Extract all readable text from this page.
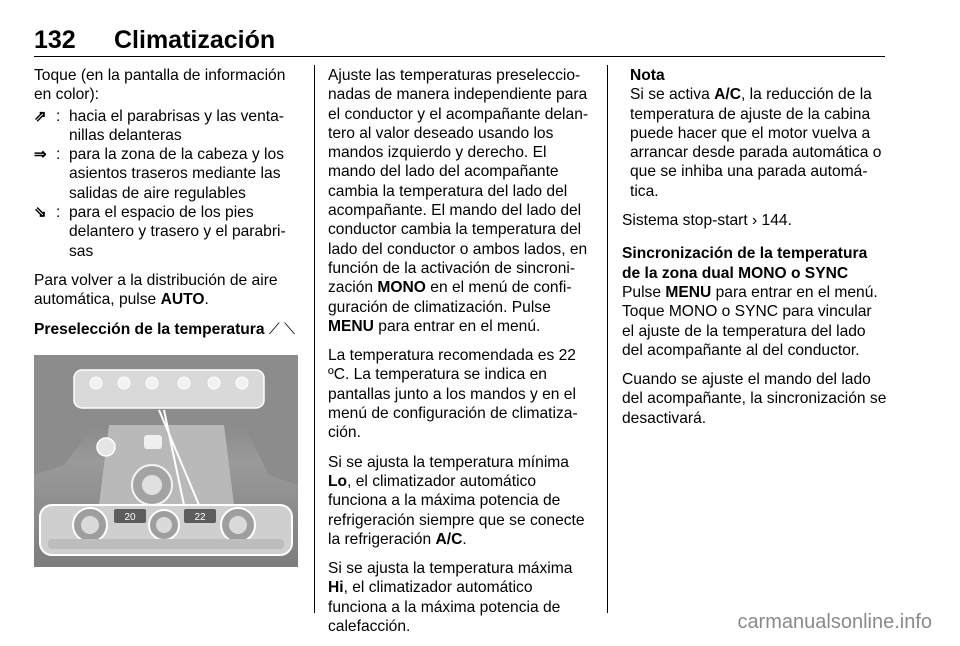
132 Climatización

Toque (en la pantalla de información en color):

⇗ : hacia el parabrisas y las ventanillas delanteras
⇒ : para la zona de la cabeza y los asientos traseros mediante las salidas de aire regulables
⇘ : para el espacio de los pies delantero y trasero y el parabrisas

Para volver a la distribución de aire automática, pulse AUTO.

Preselección de la temperatura ⟋ ⟍
20	22

Ajuste las temperaturas preseleccionadas de manera independiente para el conductor y el acompañante delantero al valor deseado usando los mandos izquierdo y derecho. El mando del lado del acompañante cambia la temperatura del lado del acompañante. El mando del lado del conductor cambia la temperatura del lado del conductor o ambos lados, en función de la activación de sincronización MONO en el menú de configuración de climatización. Pulse MENU para entrar en el menú.

La temperatura recomendada es 22 ºC. La temperatura se indica en pantallas junto a los mandos y en el menú de configuración de climatización.

Si se ajusta la temperatura mínima Lo, el climatizador automático funciona a la máxima potencia de refrigeración siempre que se conecte la refrigeración A/C.

Si se ajusta la temperatura máxima Hi, el climatizador automático funciona a la máxima potencia de calefacción.

Nota
Si se activa A/C, la reducción de la temperatura de ajuste de la cabina puede hacer que el motor vuelva a arrancar desde parada automática o que se inhiba una parada automática.

Sistema stop-start › 144.

Sincronización de la temperatura de la zona dual MONO o SYNC

Pulse MENU para entrar en el menú. Toque MONO o SYNC para vincular el ajuste de la temperatura del lado del acompañante al del conductor.

Cuando se ajuste el mando del lado del acompañante, la sincronización se desactivará.

carmanualsonline.info
